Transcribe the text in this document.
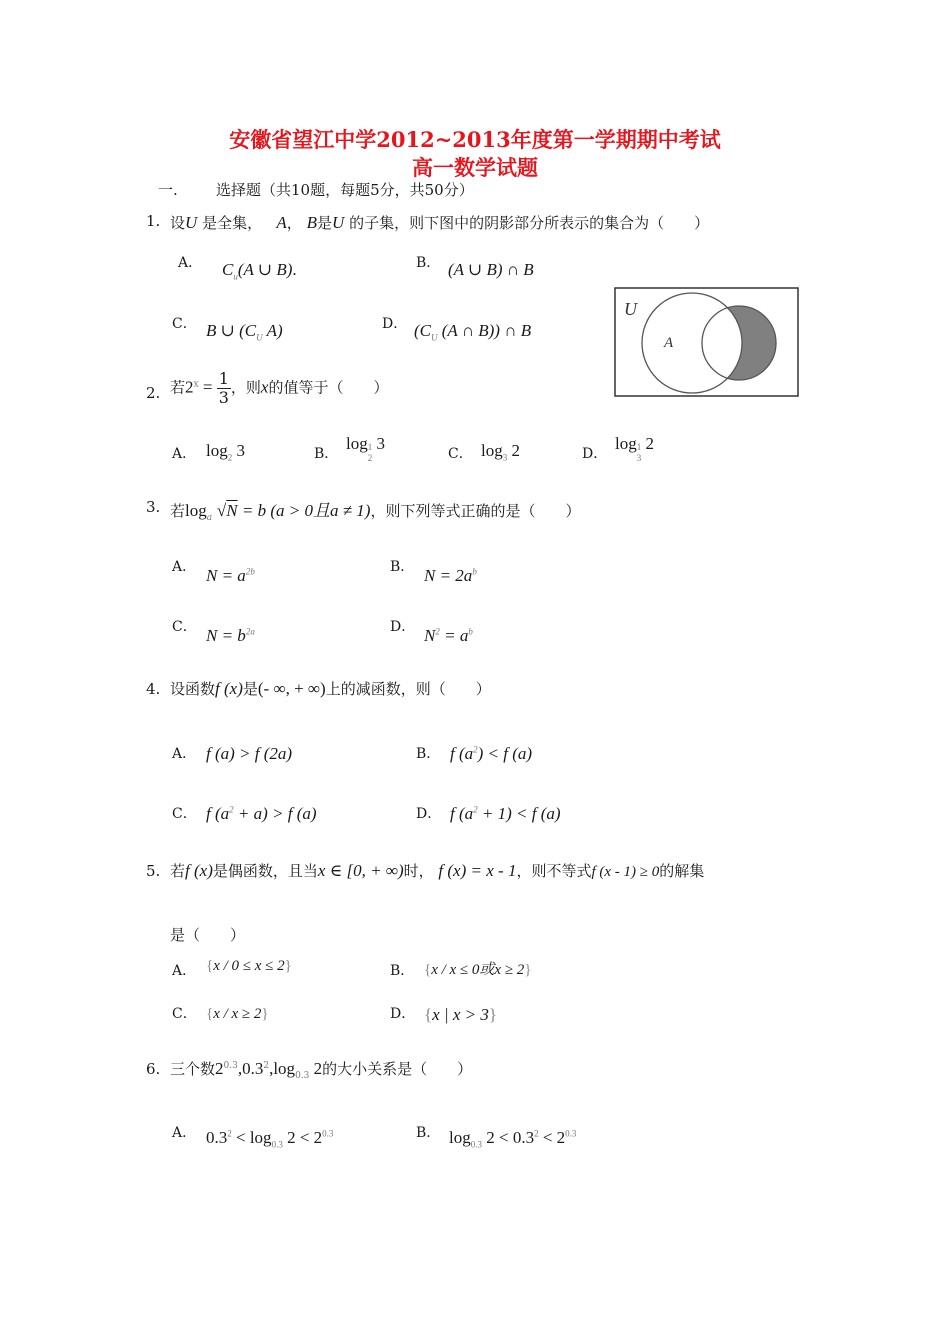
安徽省望江中学2012~2013年度第一学期期中考试
高一数学试题
一.	选择题（共10题，每题5分，共50分）
1. 设U 是全集， A， B是U 的子集，则下图中的阴影部分所表示的集合为（　　）
A． $C_u(A$ ∪ B).	B． (A ∪ B) ∩ B
C． B ∪ ($C_U$ A)	D． ($C_U$ (A ∩ B)) ∩ B
U
A	B
2. 若$2^x = \frac{1}{3}$ ，则x的值等于（　　）
A． $\log_2 3$	B．
log 1
2
3
C． $\log_3 2$	D．
log 1
3
2
3. 若$\log_a √N = b$ (a > 0且a ≠ 1)，则下列等式正确的是（　　）
A． $N = a^{2b}$	B． $N = 2a^b$
C． $N = b^{2a}$	D． $N^2 = a^b$
4. 设函数f (x)是(- ∞, + ∞)上的减函数，则（　　）
A． f (a) > f (2a)	B． f $(a^2) < f$ (a)
C． f $(a^2 + a) > f$ (a)	D． f $(a^2 + 1) < f$ (a)
5. 若f (x)是偶函数，且当x ∈ [0, + ∞)时， f (x) = x - 1，则不等式f (x - 1) ≥ 0的解集
是（　　）
A． {x / 0 ≤ x ≤ 2}	B． {x / x ≤ 0或x ≥ 2}
C． {x / x ≥ 2}	D． {x | x > 3}
6. 三个数$2^{0.3},0.3^2,\log_{0.3}$ 2的大小关系是（　　）
A． $0.3^2 < \log_{0.3} 2 < 2^{0.3}$	B． $\log_{0.3} 2 < 0.3^2 < 2^{0.3}$
